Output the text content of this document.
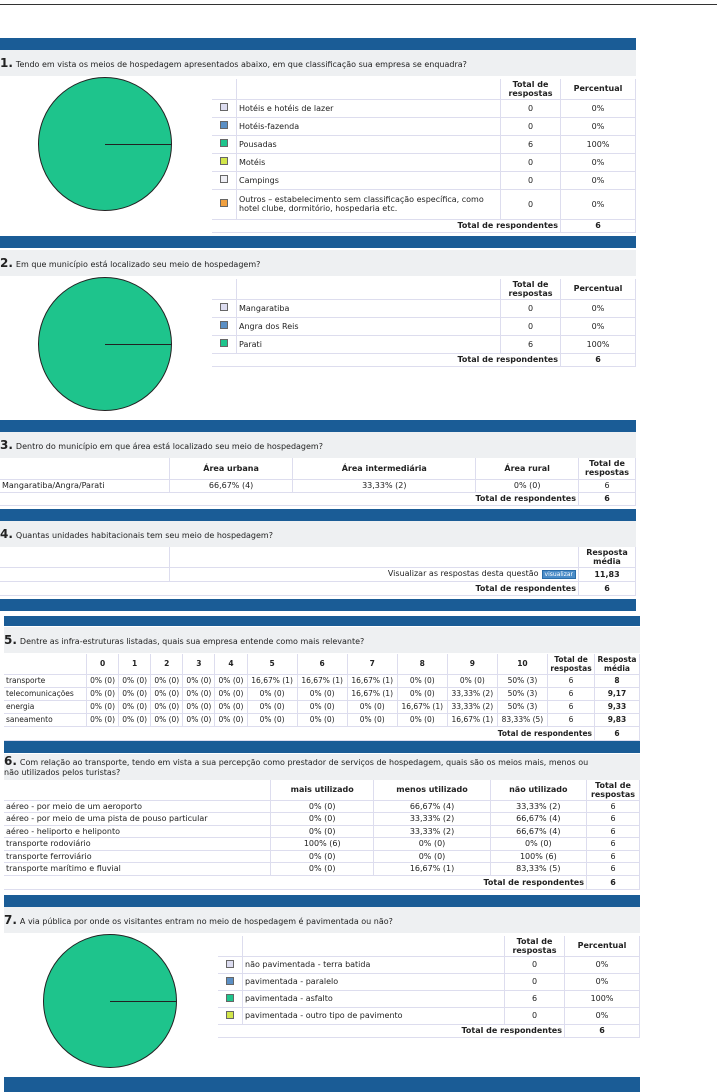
1. Tendo em vista os meios de hospedagem apresentados abaixo, em que classificação sua empresa se enquadra?
		Total de respostas	Percentual
	Hotéis e hotéis de lazer	0	0%
	Hotéis-fazenda	0	0%
	Pousadas	6	100%
	Motéis	0	0%
	Campings	0	0%
	Outros – estabelecimento sem classificação específica, como hotel clube, dormitório, hospedaria etc.	0	0%
Total de respondentes			6
2. Em que município está localizado seu meio de hospedagem?
		Total de respostas	Percentual
	Mangaratiba	0	0%
	Angra dos Reis	0	0%
	Parati	6	100%
Total de respondentes			6
3. Dentro do município em que área está localizado seu meio de hospedagem?
	Área urbana	Área intermediária	Área rural	Total de respostas
Mangaratiba/Angra/Parati	66,67% (4)	33,33% (2)	0% (0)	6
Total de respondentes				6
4. Quantas unidades habitacionais tem seu meio de hospedagem?
		Resposta média
	Visualizar as respostas desta questão visualizar	11,83
Total de respondentes		6
5. Dentre as infra-estruturas listadas, quais sua empresa entende como mais relevante?
	0	1	2	3	4	5	6	7	8	9	10	Total de respostas	Resposta média
transporte	0% (0)	0% (0)	0% (0)	0% (0)	0% (0)	16,67% (1)	16,67% (1)	16,67% (1)	0% (0)	0% (0)	50% (3)	6	8
telecomunicações	0% (0)	0% (0)	0% (0)	0% (0)	0% (0)	0% (0)	0% (0)	16,67% (1)	0% (0)	33,33% (2)	50% (3)	6	9,17
energia	0% (0)	0% (0)	0% (0)	0% (0)	0% (0)	0% (0)	0% (0)	0% (0)	16,67% (1)	33,33% (2)	50% (3)	6	9,33
saneamento	0% (0)	0% (0)	0% (0)	0% (0)	0% (0)	0% (0)	0% (0)	0% (0)	0% (0)	16,67% (1)	83,33% (5)	6	9,83
Total de respondentes													6
6. Com relação ao transporte, tendo em vista a sua percepção como prestador de serviços de hospedagem, quais são os meios mais, menos ou
não utilizados pelos turistas?
	mais utilizado	menos utilizado	não utilizado	Total de respostas
aéreo - por meio de um aeroporto	0% (0)	66,67% (4)	33,33% (2)	6
aéreo - por meio de uma pista de pouso particular	0% (0)	33,33% (2)	66,67% (4)	6
aéreo - heliporto e heliponto	0% (0)	33,33% (2)	66,67% (4)	6
transporte rodoviário	100% (6)	0% (0)	0% (0)	6
transporte ferroviário	0% (0)	0% (0)	100% (6)	6
transporte marítimo e fluvial	0% (0)	16,67% (1)	83,33% (5)	6
Total de respondentes				6
7. A via pública por onde os visitantes entram no meio de hospedagem é pavimentada ou não?
		Total de respostas	Percentual
	não pavimentada - terra batida	0	0%
	pavimentada - paralelo	0	0%
	pavimentada - asfalto	6	100%
	pavimentada - outro tipo de pavimento	0	0%
Total de respondentes			6
